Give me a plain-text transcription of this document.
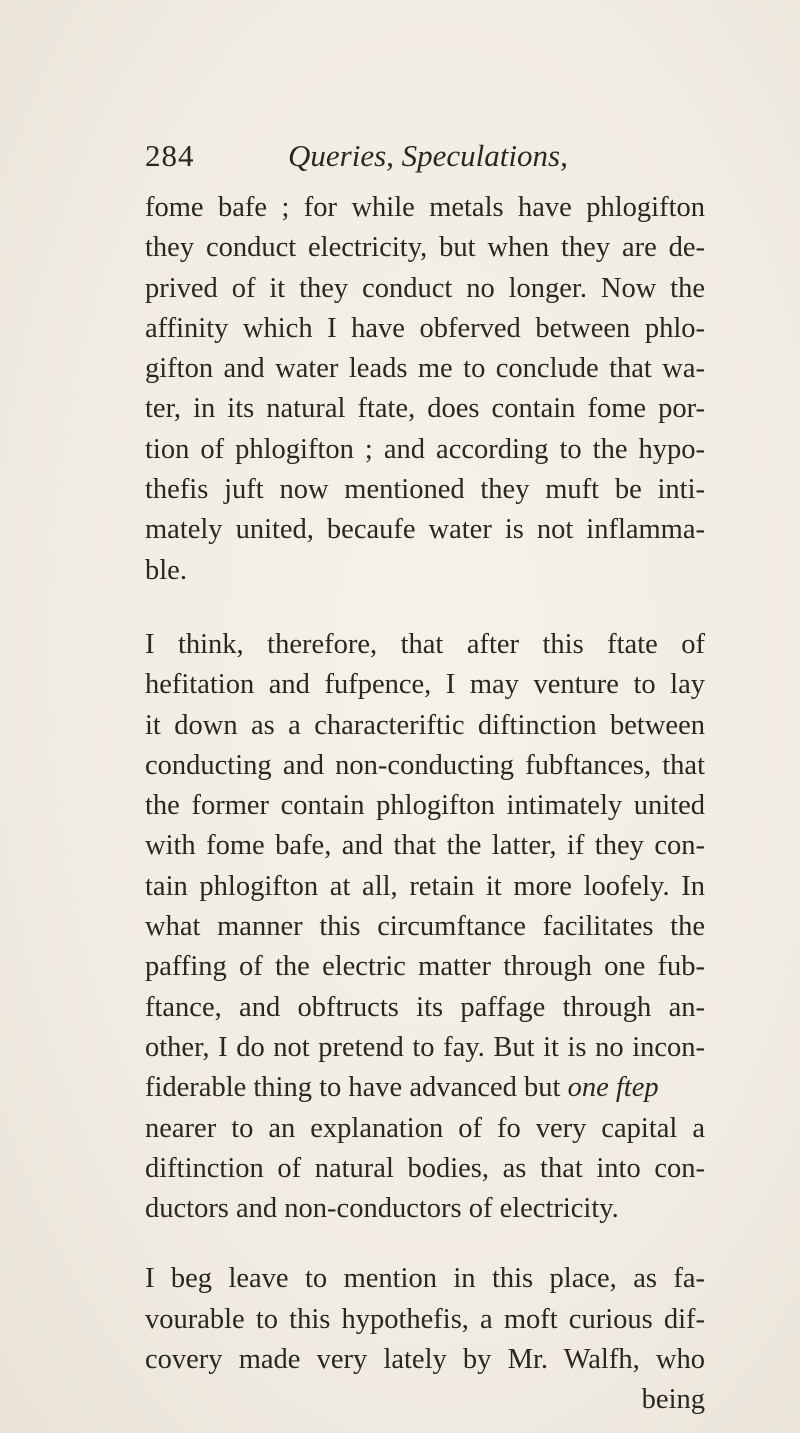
284	Queries, Speculations,
fome bafe ; for while metals have phlogifton
they conduct electricity, but when they are de-
prived of it they conduct no longer. Now the
affinity which I have obferved between phlo-
gifton and water leads me to conclude that wa-
ter, in its natural ftate, does contain fome por-
tion of phlogifton ; and according to the hypo-
thefis juft now mentioned they muft be inti-
mately united, becaufe water is not inflamma-
ble.
I think, therefore, that after this ftate of
hefitation and fufpence, I may venture to lay
it down as a characteriftic diftinction between
conducting and non-conducting fubftances, that
the former contain phlogifton intimately united
with fome bafe, and that the latter, if they con-
tain phlogifton at all, retain it more loofely. In
what manner this circumftance facilitates the
paffing of the electric matter through one fub-
ftance, and obftructs its paffage through an-
other, I do not pretend to fay. But it is no incon-
fiderable thing to have advanced but one ftep
nearer to an explanation of fo very capital a
diftinction of natural bodies, as that into con-
ductors and non-conductors of electricity.
I beg leave to mention in this place, as fa-
vourable to this hypothefis, a moft curious dif-
covery made very lately by Mr. Walfh, who
being
